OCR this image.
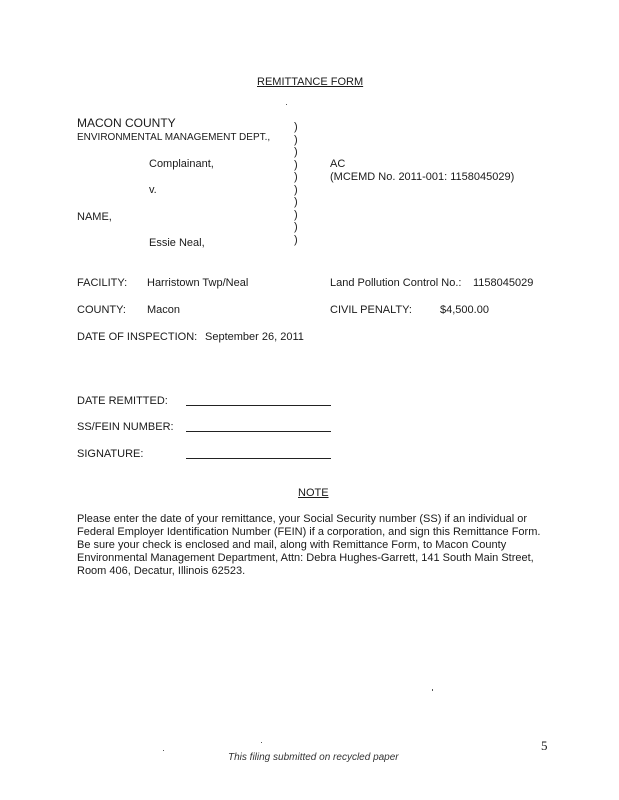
REMITTANCE FORM
MACON COUNTY
ENVIRONMENTAL MANAGEMENT DEPT.,
Complainant,
v.
NAME,
Essie Neal,
)
)
)
)
)
)
)
)
)
)
AC
(MCEMD No. 2011-001: 1158045029)
FACILITY: Harristown Twp/Neal	Land Pollution Control No.: 1158045029
COUNTY: Macon	CIVIL PENALTY:	$4,500.00
DATE OF INSPECTION: September 26, 2011
DATE REMITTED:
SS/FEIN NUMBER:
SIGNATURE:
NOTE
Please enter the date of your remittance, your Social Security number (SS) if an individual or
Federal Employer Identification Number (FEIN) if a corporation, and sign this Remittance Form.
Be sure your check is enclosed and mail, along with Remittance Form, to Macon County
Environmental Management Department, Attn: Debra Hughes-Garrett, 141 South Main Street,
Room 406, Decatur, Illinois 62523.
5
This filing submitted on recycled paper
